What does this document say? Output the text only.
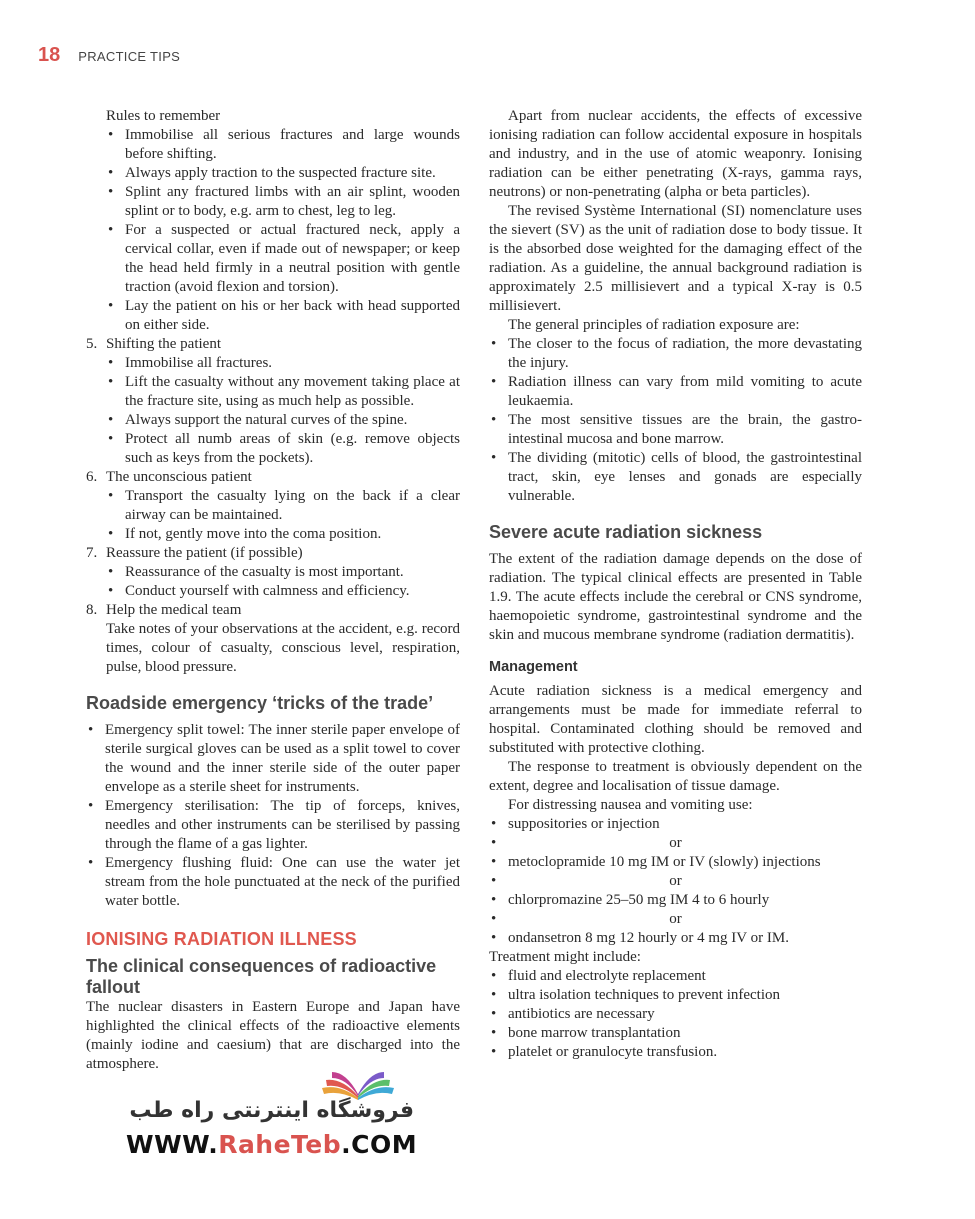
18 PRACTICE TIPS
Rules to remember
• Immobilise all serious fractures and large wounds before shifting.
• Always apply traction to the suspected fracture site.
• Splint any fractured limbs with an air splint, wooden splint or to body, e.g. arm to chest, leg to leg.
• For a suspected or actual fractured neck, apply a cervical collar, even if made out of newspaper; or keep the head held firmly in a neutral position with gentle traction (avoid flexion and torsion).
• Lay the patient on his or her back with head supported on either side.
5. Shifting the patient
• Immobilise all fractures.
• Lift the casualty without any movement taking place at the fracture site, using as much help as possible.
• Always support the natural curves of the spine.
• Protect all numb areas of skin (e.g. remove objects such as keys from the pockets).
6. The unconscious patient
• Transport the casualty lying on the back if a clear airway can be maintained.
• If not, gently move into the coma position.
7. Reassure the patient (if possible)
• Reassurance of the casualty is most important.
• Conduct yourself with calmness and efficiency.
8. Help the medical team

Take notes of your observations at the accident, e.g. record times, colour of casualty, conscious level, respiration, pulse, blood pressure.

Roadside emergency ‘tricks of the trade’
• Emergency split towel: The inner sterile paper envelope of sterile surgical gloves can be used as a split towel to cover the wound and the inner sterile side of the outer paper envelope as a sterile sheet for instruments.
• Emergency sterilisation: The tip of forceps, knives, needles and other instruments can be sterilised by passing through the flame of a gas lighter.
• Emergency flushing fluid: One can use the water jet stream from the hole punctuated at the neck of the purified water bottle.
IONISING RADIATION ILLNESS
The clinical consequences of radioactive fallout

The nuclear disasters in Eastern Europe and Japan have highlighted the clinical effects of the radioactive elements (mainly iodine and caesium) that are discharged into the atmosphere.

Apart from nuclear accidents, the effects of excessive ionising radiation can follow accidental exposure in hospitals and industry, and in the use of atomic weaponry. Ionising radiation can be either penetrating (X-rays, gamma rays, neutrons) or non-penetrating (alpha or beta particles).

The revised Système International (SI) nomenclature uses the sievert (SV) as the unit of radiation dose to body tissue. It is the absorbed dose weighted for the damaging effect of the radiation. As a guideline, the annual background radiation is approximately 2.5 millisievert and a typical X-ray is 0.5 millisievert.

The general principles of radiation exposure are:

• The closer to the focus of radiation, the more devastating the injury.
• Radiation illness can vary from mild vomiting to acute leukaemia.
• The most sensitive tissues are the brain, the gastro-intestinal mucosa and bone marrow.
• The dividing (mitotic) cells of blood, the gastrointestinal tract, skin, eye lenses and gonads are especially vulnerable.
Severe acute radiation sickness

The extent of the radiation damage depends on the dose of radiation. The typical clinical effects are presented in Table 1.9. The acute effects include the cerebral or CNS syndrome, haemopoietic syndrome, gastrointestinal syndrome and the skin and mucous membrane syndrome (radiation dermatitis).

Management

Acute radiation sickness is a medical emergency and arrangements must be made for immediate referral to hospital. Contaminated clothing should be removed and substituted with protective clothing.

The response to treatment is obviously dependent on the extent, degree and localisation of tissue damage.

For distressing nausea and vomiting use:

• suppositories or injection
• or
• metoclopramide 10 mg IM or IV (slowly) injections
• or
• chlorpromazine 25–50 mg IM 4 to 6 hourly
• or
• ondansetron 8 mg 12 hourly or 4 mg IV or IM.

Treatment might include:

• fluid and electrolyte replacement
• ultra isolation techniques to prevent infection
• antibiotics are necessary
• bone marrow transplantation
• platelet or granulocyte transfusion.
فروشگاه اینترنتی راه طب
WWW.RaheTeb.COM
